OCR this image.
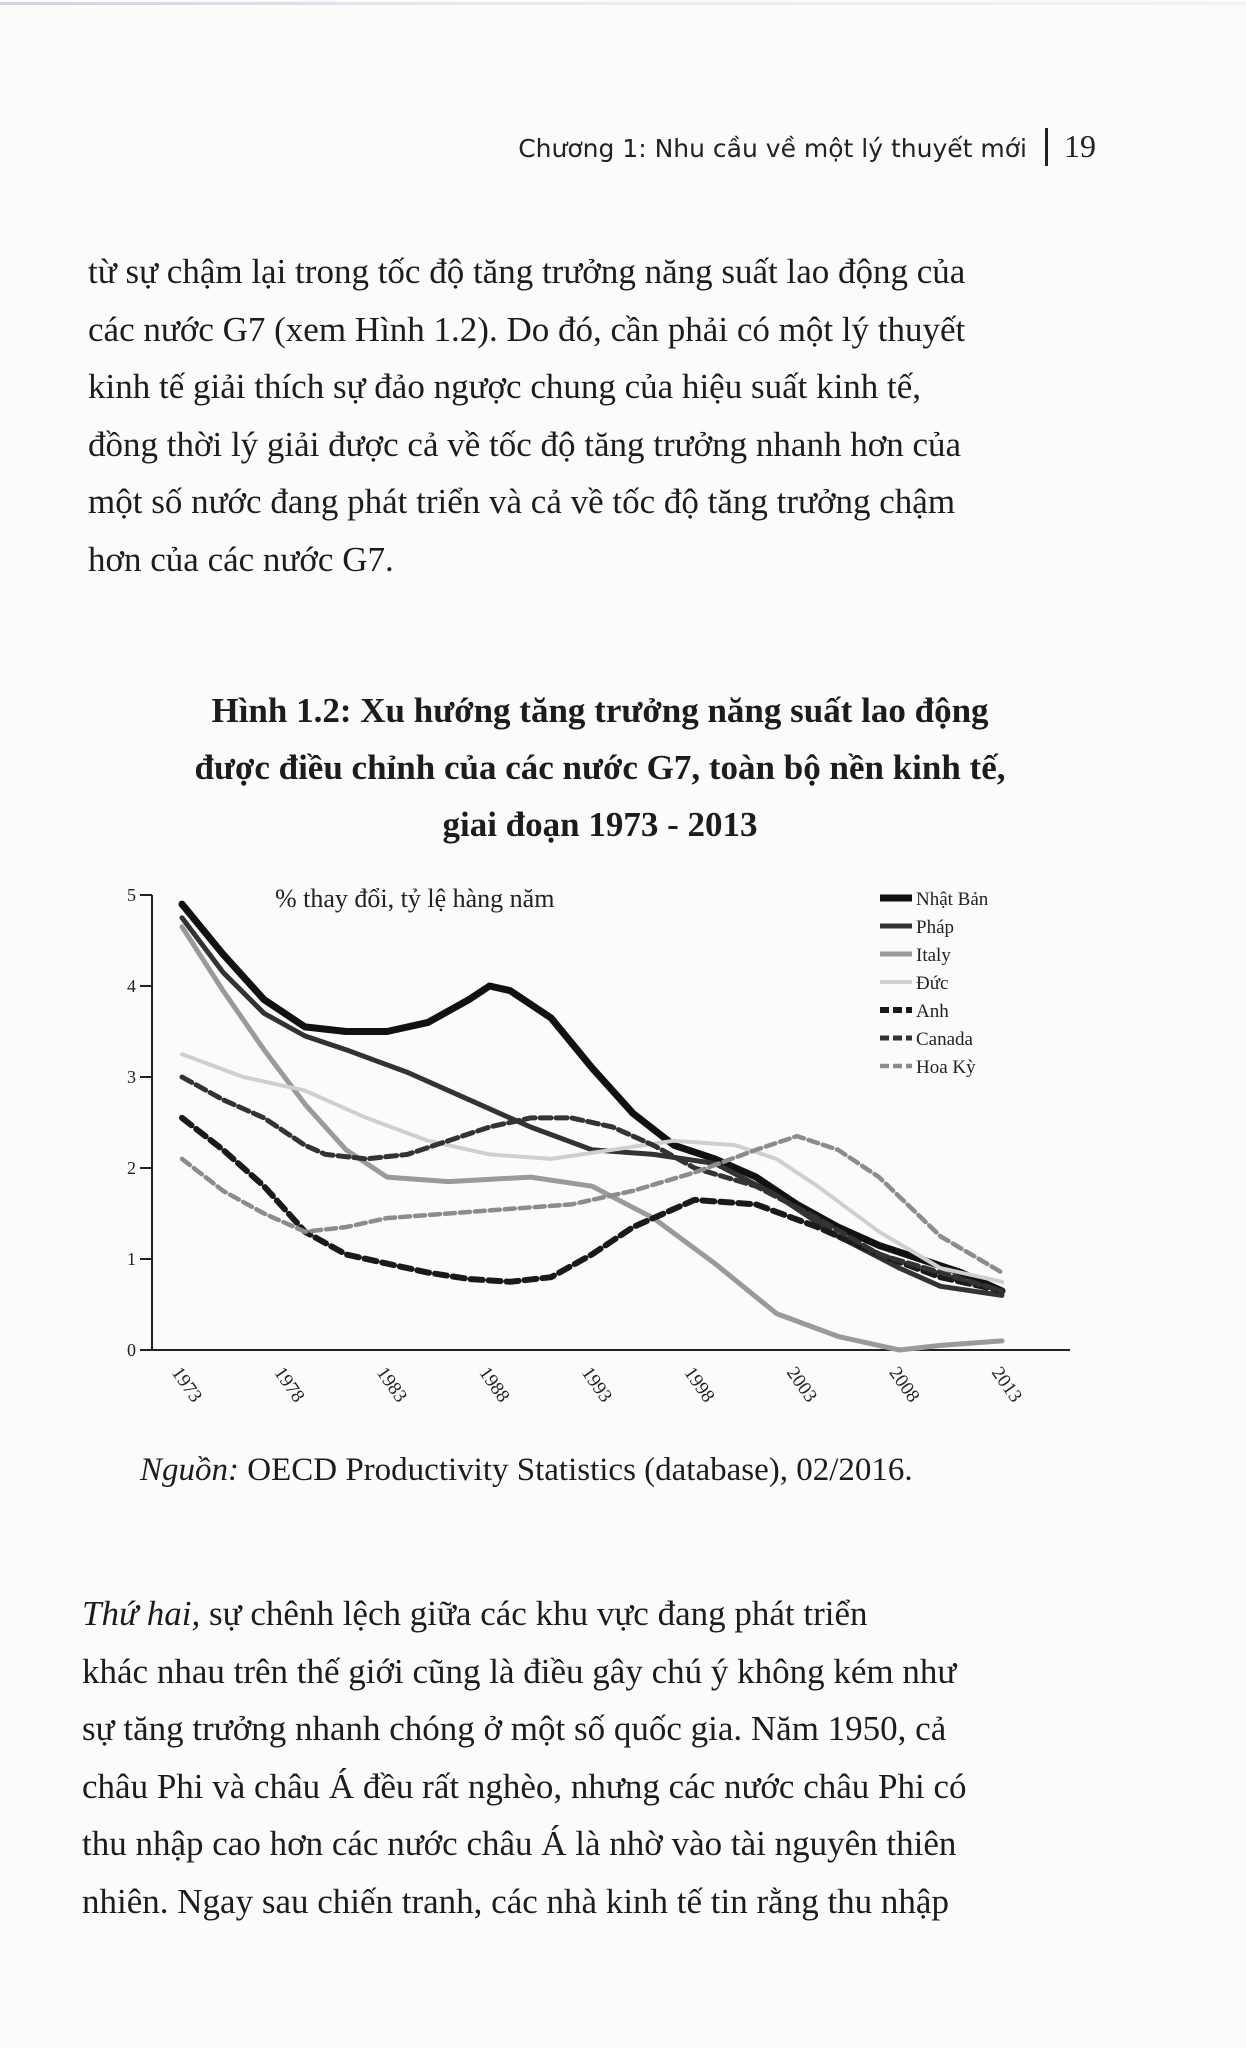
Chương 1: Nhu cầu về một lý thuyết mới 19

từ sự chậm lại trong tốc độ tăng trưởng năng suất lao động của
các nước G7 (xem Hình 1.2). Do đó, cần phải có một lý thuyết
kinh tế giải thích sự đảo ngược chung của hiệu suất kinh tế,
đồng thời lý giải được cả về tốc độ tăng trưởng nhanh hơn của
một số nước đang phát triển và cả về tốc độ tăng trưởng chậm
hơn của các nước G7.

Hình 1.2: Xu hướng tăng trưởng năng suất lao động
được điều chỉnh của các nước G7, toàn bộ nền kinh tế,
giai đoạn 1973 - 2013
0
1
2
3
4
5
1973	1978	1983	1988	1993	1998	2003	2008	2013
% thay đổi, tỷ lệ hàng năm	Nhật Bản
Pháp
Italy
Đức
Anh
Canada
Hoa Kỳ
Nguồn: OECD Productivity Statistics (database), 02/2016.

Thứ hai, sự chênh lệch giữa các khu vực đang phát triển
khác nhau trên thế giới cũng là điều gây chú ý không kém như
sự tăng trưởng nhanh chóng ở một số quốc gia. Năm 1950, cả
châu Phi và châu Á đều rất nghèo, nhưng các nước châu Phi có
thu nhập cao hơn các nước châu Á là nhờ vào tài nguyên thiên
nhiên. Ngay sau chiến tranh, các nhà kinh tế tin rằng thu nhập
